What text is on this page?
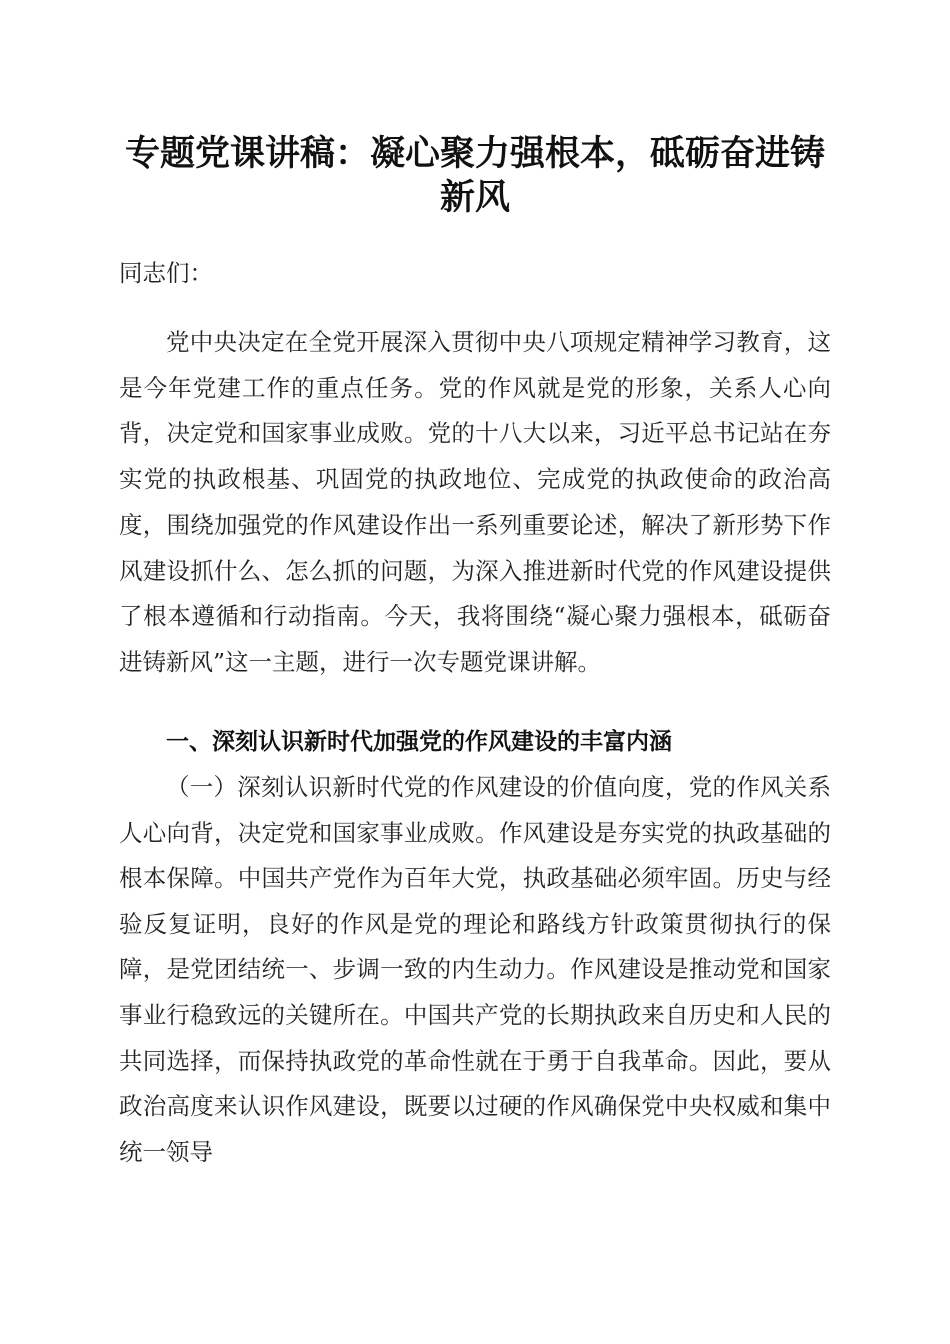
专题党课讲稿：凝心聚力强根本，砥砺奋进铸
新风
同志们：
党中央决定在全党开展深入贯彻中央八项规定精神学习教育，这是今年党建工作的重点任务。党的作风就是党的形象，关系人心向背，决定党和国家事业成败。党的十八大以来，习近平总书记站在夯实党的执政根基、巩固党的执政地位、完成党的执政使命的政治高度，围绕加强党的作风建设作出一系列重要论述，解决了新形势下作风建设抓什么、怎么抓的问题，为深入推进新时代党的作风建设提供了根本遵循和行动指南。今天，我将围绕“凝心聚力强根本，砥砺奋进铸新风”这一主题，进行一次专题党课讲解。
一、深刻认识新时代加强党的作风建设的丰富内涵
（一）深刻认识新时代党的作风建设的价值向度，党的作风关系人心向背，决定党和国家事业成败。作风建设是夯实党的执政基础的根本保障。中国共产党作为百年大党，执政基础必须牢固。历史与经验反复证明，良好的作风是党的理论和路线方针政策贯彻执行的保障，是党团结统一、步调一致的内生动力。作风建设是推动党和国家事业行稳致远的关键所在。中国共产党的长期执政来自历史和人民的共同选择，而保持执政党的革命性就在于勇于自我革命。因此，要从政治高度来认识作风建设，既要以过硬的作风确保党中央权威和集中统一领导
